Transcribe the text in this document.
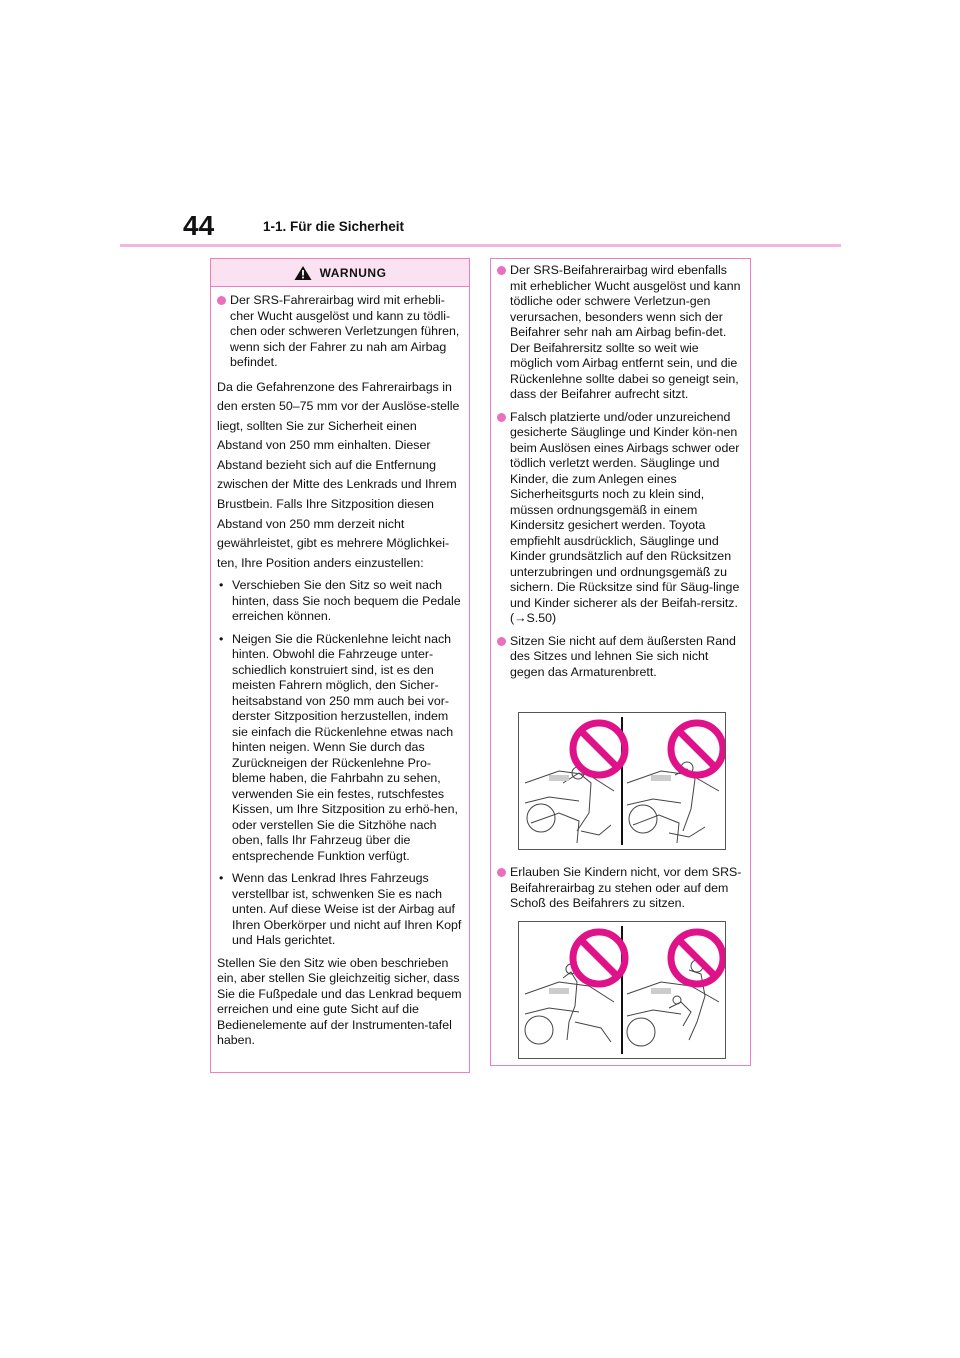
44	1-1. Für die Sicherheit
WARNUNG
Der SRS-Fahrerairbag wird mit erhebli-cher Wucht ausgelöst und kann zu tödli-chen oder schweren Verletzungen führen, wenn sich der Fahrer zu nah am Airbag befindet.

Da die Gefahrenzone des Fahrerairbags in den ersten 50–75 mm vor der Auslöse-stelle liegt, sollten Sie zur Sicherheit einen Abstand von 250 mm einhalten. Dieser Abstand bezieht sich auf die Entfernung zwischen der Mitte des Lenkrads und Ihrem Brustbein. Falls Ihre Sitzposition diesen Abstand von 250 mm derzeit nicht gewährleistet, gibt es mehrere Möglichkei-ten, Ihre Position anders einzustellen:

• Verschieben Sie den Sitz so weit nach hinten, dass Sie noch bequem die Pedale erreichen können.
• Neigen Sie die Rückenlehne leicht nach hinten. Obwohl die Fahrzeuge unter-schiedlich konstruiert sind, ist es den meisten Fahrern möglich, den Sicher-heitsabstand von 250 mm auch bei vor-derster Sitzposition herzustellen, indem sie einfach die Rückenlehne etwas nach hinten neigen. Wenn Sie durch das Zurückneigen der Rückenlehne Pro-bleme haben, die Fahrbahn zu sehen, verwenden Sie ein festes, rutschfestes Kissen, um Ihre Sitzposition zu erhö-hen, oder verstellen Sie die Sitzhöhe nach oben, falls Ihr Fahrzeug über die entsprechende Funktion verfügt.
• Wenn das Lenkrad Ihres Fahrzeugs verstellbar ist, schwenken Sie es nach unten. Auf diese Weise ist der Airbag auf Ihren Oberkörper und nicht auf Ihren Kopf und Hals gerichtet.

Stellen Sie den Sitz wie oben beschrieben ein, aber stellen Sie gleichzeitig sicher, dass Sie die Fußpedale und das Lenkrad bequem erreichen und eine gute Sicht auf die Bedienelemente auf der Instrumenten-tafel haben.

Der SRS-Beifahrerairbag wird ebenfalls mit erheblicher Wucht ausgelöst und kann tödliche oder schwere Verletzun-gen verursachen, besonders wenn sich der Beifahrer sehr nah am Airbag befin-det. Der Beifahrersitz sollte so weit wie möglich vom Airbag entfernt sein, und die Rückenlehne sollte dabei so geneigt sein, dass der Beifahrer aufrecht sitzt.
Falsch platzierte und/oder unzureichend gesicherte Säuglinge und Kinder kön-nen beim Auslösen eines Airbags schwer oder tödlich verletzt werden. Säuglinge und Kinder, die zum Anlegen eines Sicherheitsgurts noch zu klein sind, müssen ordnungsgemäß in einem Kindersitz gesichert werden. Toyota empfiehlt ausdrücklich, Säuglinge und Kinder grundsätzlich auf den Rücksitzen unterzubringen und ordnungsgemäß zu sichern. Die Rücksitze sind für Säug-linge und Kinder sicherer als der Beifah-rersitz. (→S.50)
Sitzen Sie nicht auf dem äußersten Rand des Sitzes und lehnen Sie sich nicht gegen das Armaturenbrett.
Erlauben Sie Kindern nicht, vor dem SRS-Beifahrerairbag zu stehen oder auf dem Schoß des Beifahrers zu sitzen.
